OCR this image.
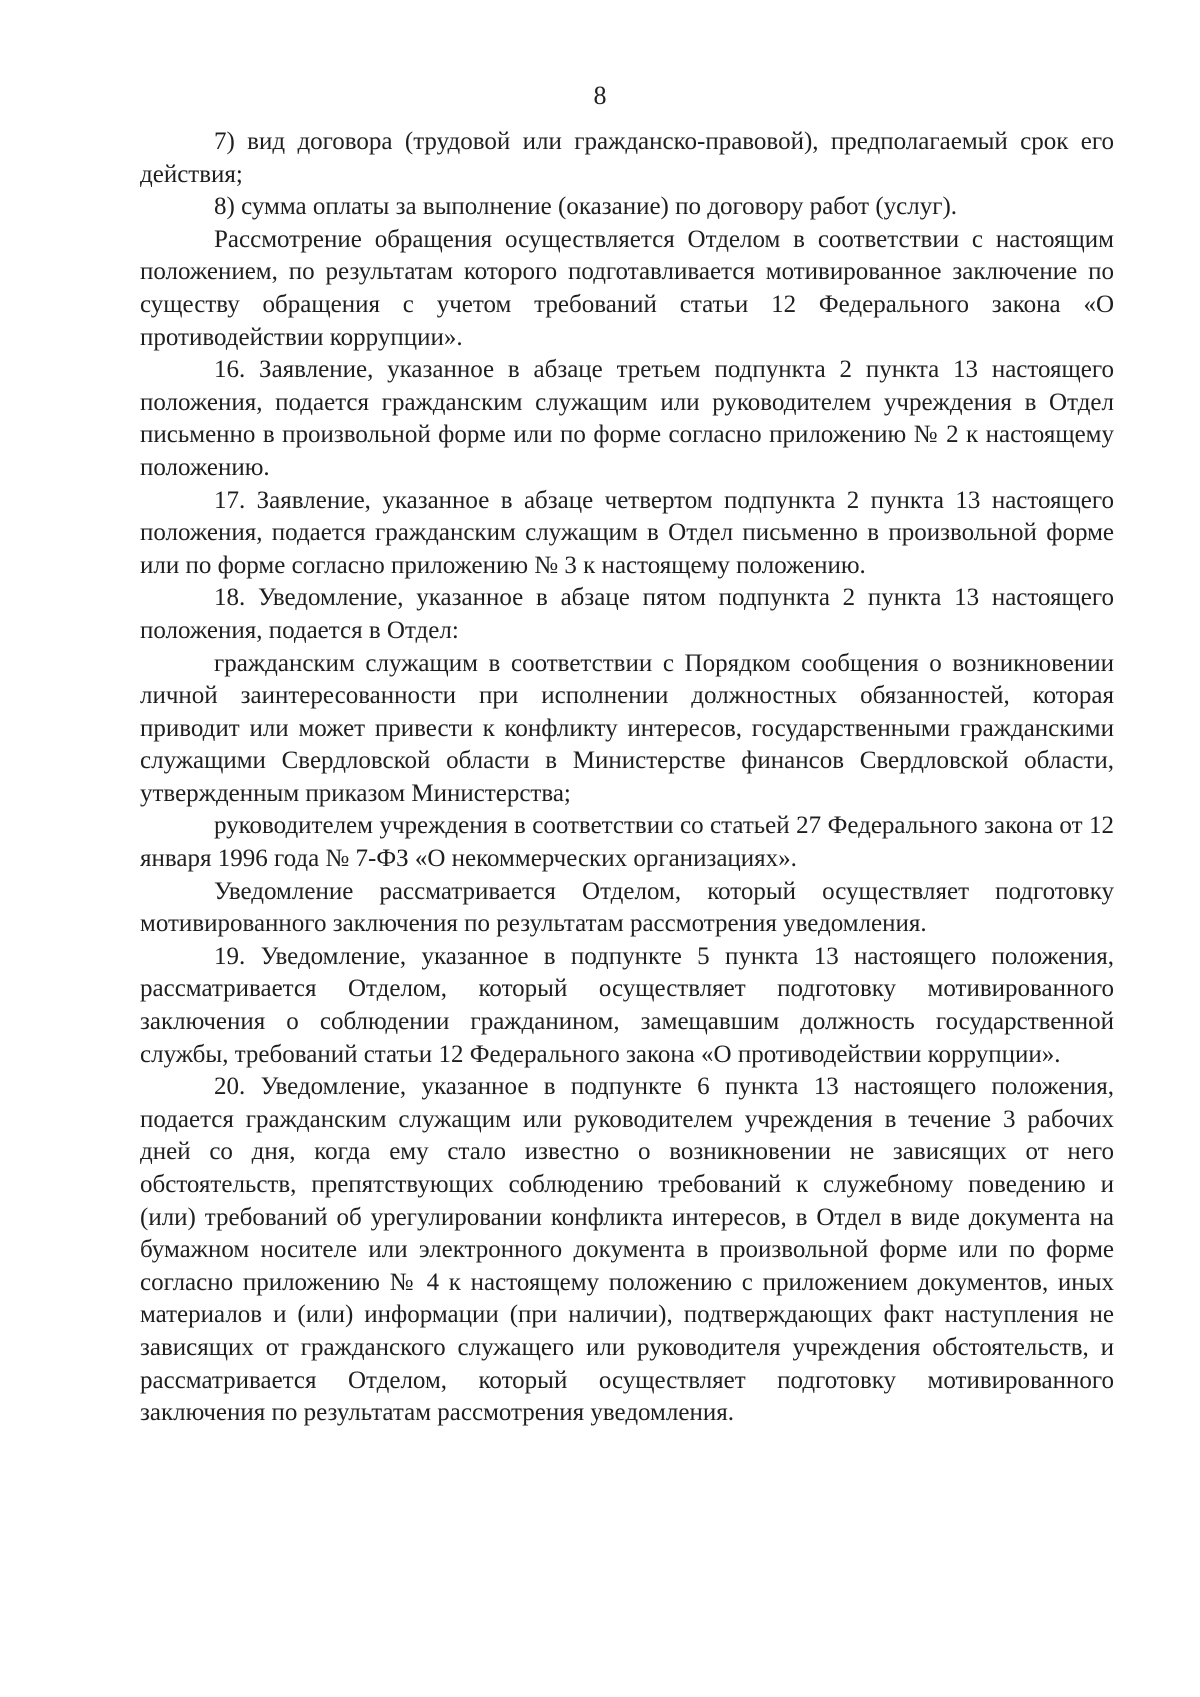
8

7) вид договора (трудовой или гражданско-правовой), предполагаемый срок его действия;

8) сумма оплаты за выполнение (оказание) по договору работ (услуг).

Рассмотрение обращения осуществляется Отделом в соответствии с настоящим положением, по результатам которого подготавливается мотивированное заключение по существу обращения с учетом требований статьи 12 Федерального закона «О противодействии коррупции».

16. Заявление, указанное в абзаце третьем подпункта 2 пункта 13 настоящего положения, подается гражданским служащим или руководителем учреждения в Отдел письменно в произвольной форме или по форме согласно приложению № 2 к настоящему положению.

17. Заявление, указанное в абзаце четвертом подпункта 2 пункта 13 настоящего положения, подается гражданским служащим в Отдел письменно в произвольной форме или по форме согласно приложению № 3 к настоящему положению.

18. Уведомление, указанное в абзаце пятом подпункта 2 пункта 13 настоящего положения, подается в Отдел:

гражданским служащим в соответствии с Порядком сообщения о возникновении личной заинтересованности при исполнении должностных обязанностей, которая приводит или может привести к конфликту интересов, государственными гражданскими служащими Свердловской области в Министерстве финансов Свердловской области, утвержденным приказом Министерства;

руководителем учреждения в соответствии со статьей 27 Федерального закона от 12 января 1996 года № 7-ФЗ «О некоммерческих организациях».

Уведомление рассматривается Отделом, который осуществляет подготовку мотивированного заключения по результатам рассмотрения уведомления.

19. Уведомление, указанное в подпункте 5 пункта 13 настоящего положения, рассматривается Отделом, который осуществляет подготовку мотивированного заключения о соблюдении гражданином, замещавшим должность государственной службы, требований статьи 12 Федерального закона «О противодействии коррупции».

20. Уведомление, указанное в подпункте 6 пункта 13 настоящего положения, подается гражданским служащим или руководителем учреждения в течение 3 рабочих дней со дня, когда ему стало известно о возникновении не зависящих от него обстоятельств, препятствующих соблюдению требований к служебному поведению и (или) требований об урегулировании конфликта интересов, в Отдел в виде документа на бумажном носителе или электронного документа в произвольной форме или по форме согласно приложению № 4 к настоящему положению с приложением документов, иных материалов и (или) информации (при наличии), подтверждающих факт наступления не зависящих от гражданского служащего или руководителя учреждения обстоятельств, и рассматривается Отделом, который осуществляет подготовку мотивированного заключения по результатам рассмотрения уведомления.
